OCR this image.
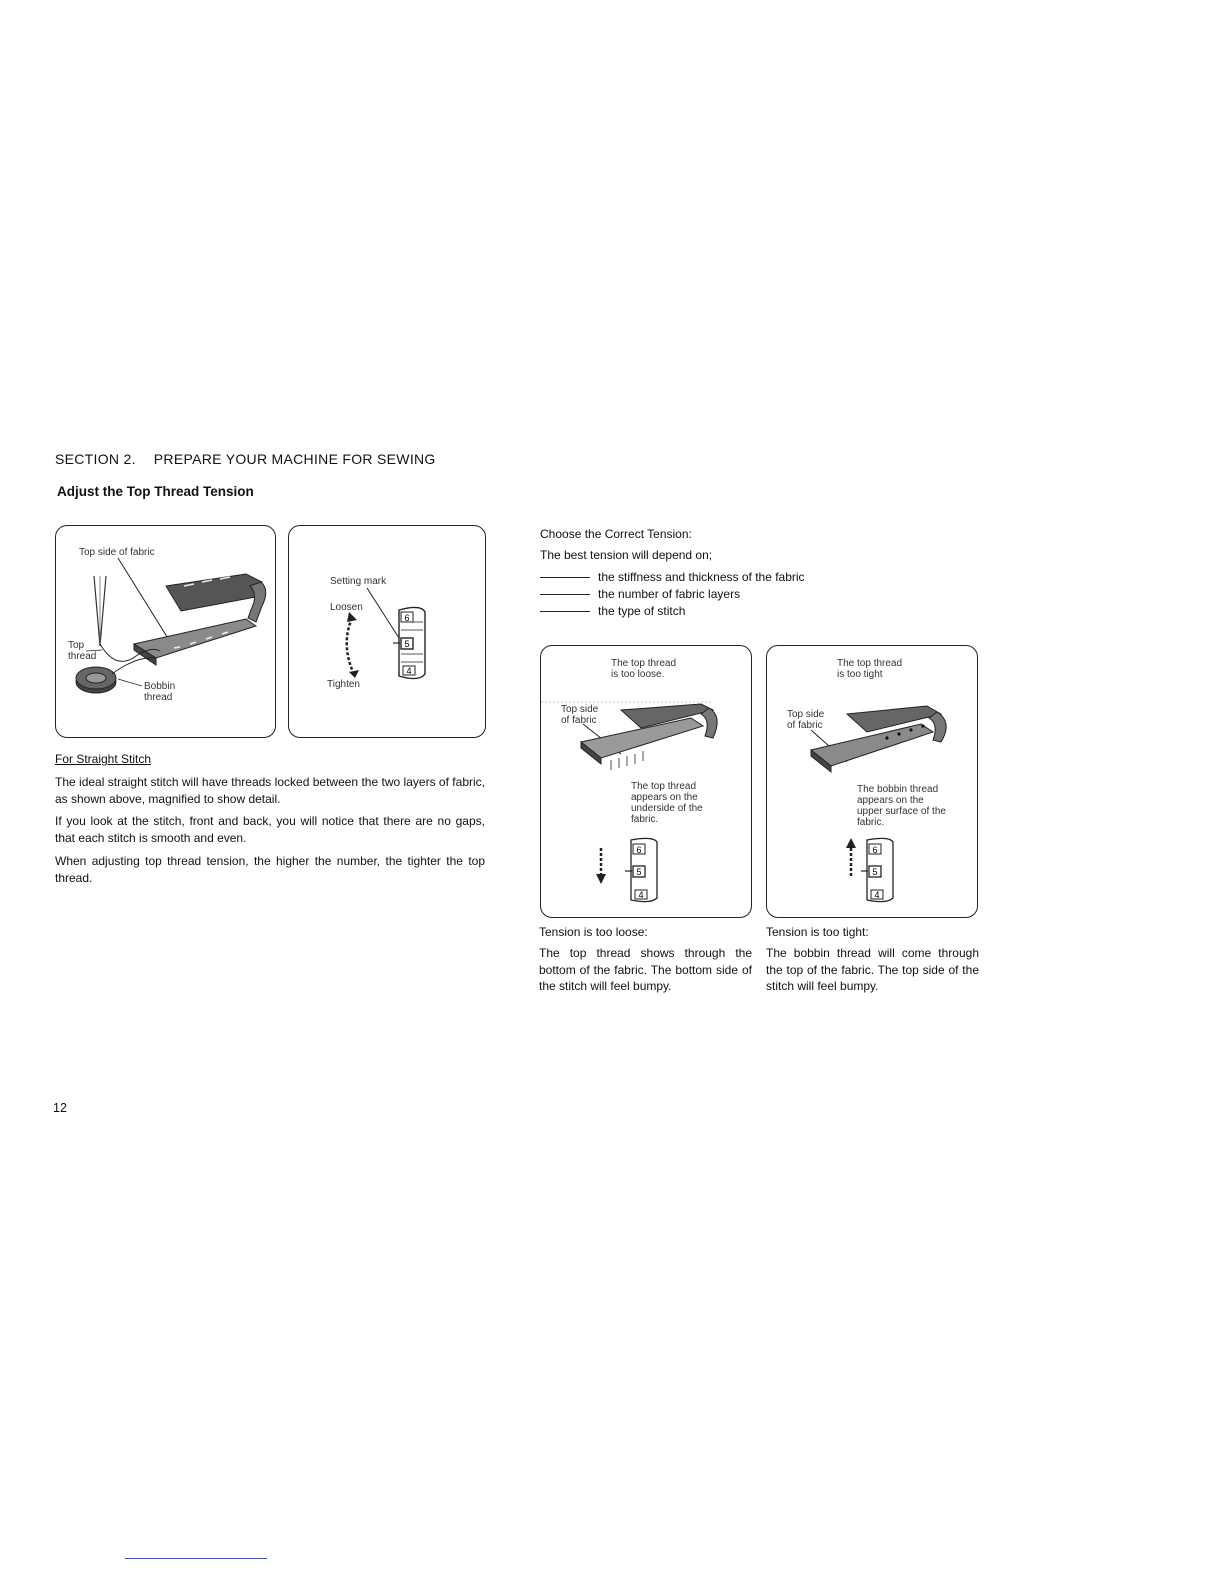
SECTION 2. PREPARE YOUR MACHINE FOR SEWING
Adjust the Top Thread Tension
Top side of fabric
Top
thread
Bobbin
thread
Setting mark
Loosen
Tighten
6
5
4
For Straight Stitch
The ideal straight stitch will have threads locked between the two layers of fabric, as shown above, magnified to show detail.
If you look at the stitch, front and back, you will notice that there are no gaps, that each stitch is smooth and even.
When adjusting top thread tension, the higher the number, the tighter the top thread.
Choose the Correct Tension:
The best tension will depend on;
the stiffness and thickness of the fabric
the number of fabric layers
the type of stitch
The top thread
is too loose.
Top side
of fabric
The top thread
appears on the
underside of the
fabric.
6
5
4
The top thread
is too tight
Top side
of fabric
The bobbin thread
appears on the
upper surface of the
fabric.
6
5
4
Tension is too loose:
The top thread shows through the bottom of the fabric. The bottom side of the stitch will feel bumpy.
Tension is too tight:
The bobbin thread will come through the top of the fabric. The top side of the stitch will feel bumpy.
12
